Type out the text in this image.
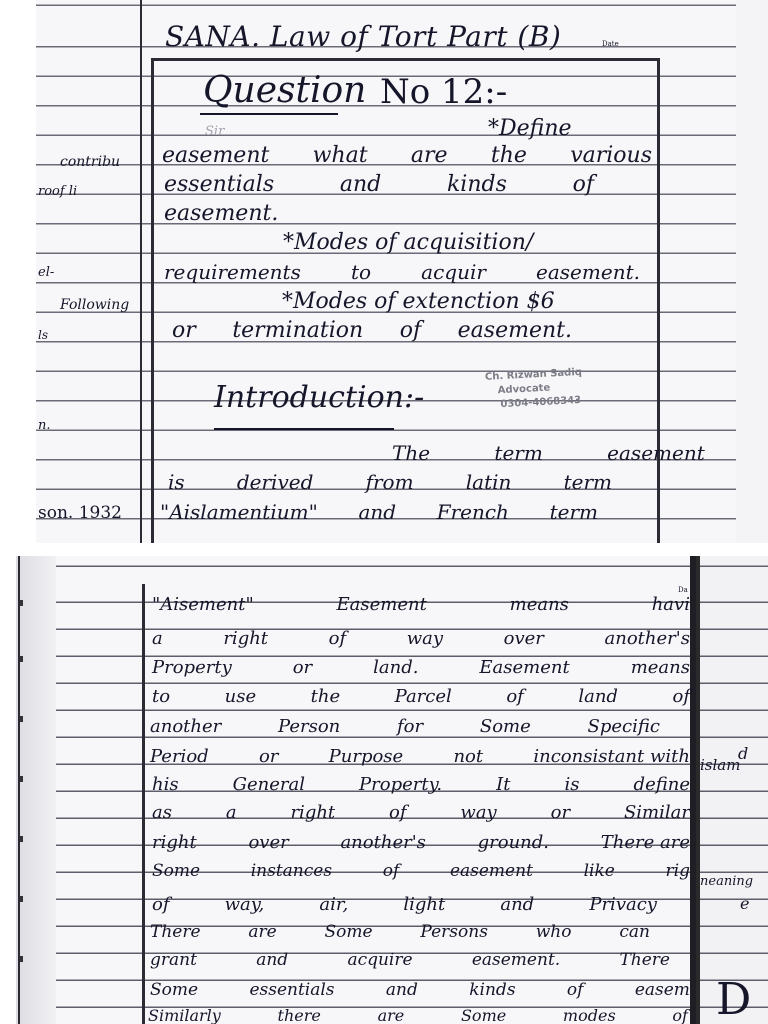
SANA. Law of Tort Part (B)	Date
Question No 12:-
Sir	*Define
easement what are the various
essentials	and	kinds	of
easement.
*Modes of acquisition/
requirements	to	acquir	easement.
*Modes of extenction $6
or termination of easement.
Introduction:-
Ch. Rizwan Sadiq
Advocate
0304-4068343
The term easement
is	derived	from	latin	term
"Aislamentium" and French term
contribu
roof li
el-
Following
ls
n.
son. 1932
Da
"Aisement"	Easement	means	havi
a	right	of	way	over	another's
Property	or	land.	Easement	means
to	use	the	Parcel	of	land	of
another	Person	for	Some	Specific
Period	or	Purpose	not	inconsistant with
his	General	Property.	It	is	define
as	a	right	of	way	or	Similar
right	over	another's	ground.	There are
Some	instances	of	easement	like	rig
of	way,	air,	light	and	Privacy
There	are	Some	Persons	who	can
grant	and	acquire	easement.	There
Some	essentials	and	kinds	of	easem
Similarly	there	are	Some	modes	of
d
islam
neaning
e
D
